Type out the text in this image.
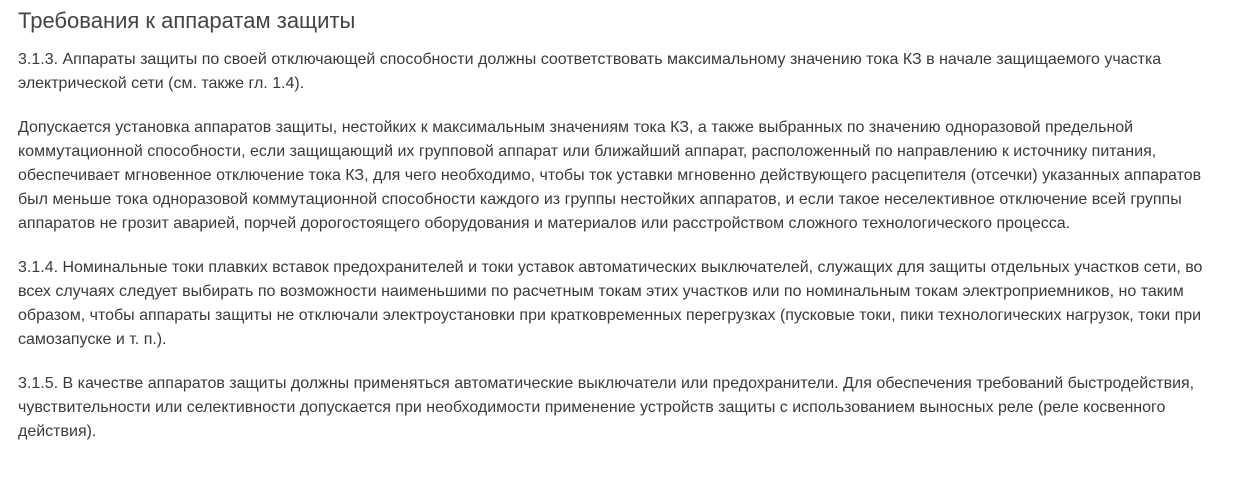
Требования к аппаратам защиты

3.1.3. Аппараты защиты по своей отключающей способности должны соответствовать максимальному значению тока КЗ в начале защищаемого участка электрической сети (см. также гл. 1.4).

Допускается установка аппаратов защиты, нестойких к максимальным значениям тока КЗ, а также выбранных по значению одноразовой предельной коммутационной способности, если защищающий их групповой аппарат или ближайший аппарат, расположенный по направлению к источнику питания, обеспечивает мгновенное отключение тока КЗ, для чего необходимо, чтобы ток уставки мгновенно действующего расцепителя (отсечки) указанных аппаратов был меньше тока одноразовой коммутационной способности каждого из группы нестойких аппаратов, и если такое неселективное отключение всей группы аппаратов не грозит аварией, порчей дорогостоящего оборудования и материалов или расстройством сложного технологического процесса.

3.1.4. Номинальные токи плавких вставок предохранителей и токи уставок автоматических выключателей, служащих для защиты отдельных участков сети, во всех случаях следует выбирать по возможности наименьшими по расчетным токам этих участков или по номинальным токам электроприемников, но таким образом, чтобы аппараты защиты не отключали электроустановки при кратковременных перегрузках (пусковые токи, пики технологических нагрузок, токи при самозапуске и т. п.).

3.1.5. В качестве аппаратов защиты должны применяться автоматические выключатели или предохранители. Для обеспечения требований быстродействия, чувствительности или селективности допускается при необходимости применение устройств защиты с использованием выносных реле (реле косвенного действия).
